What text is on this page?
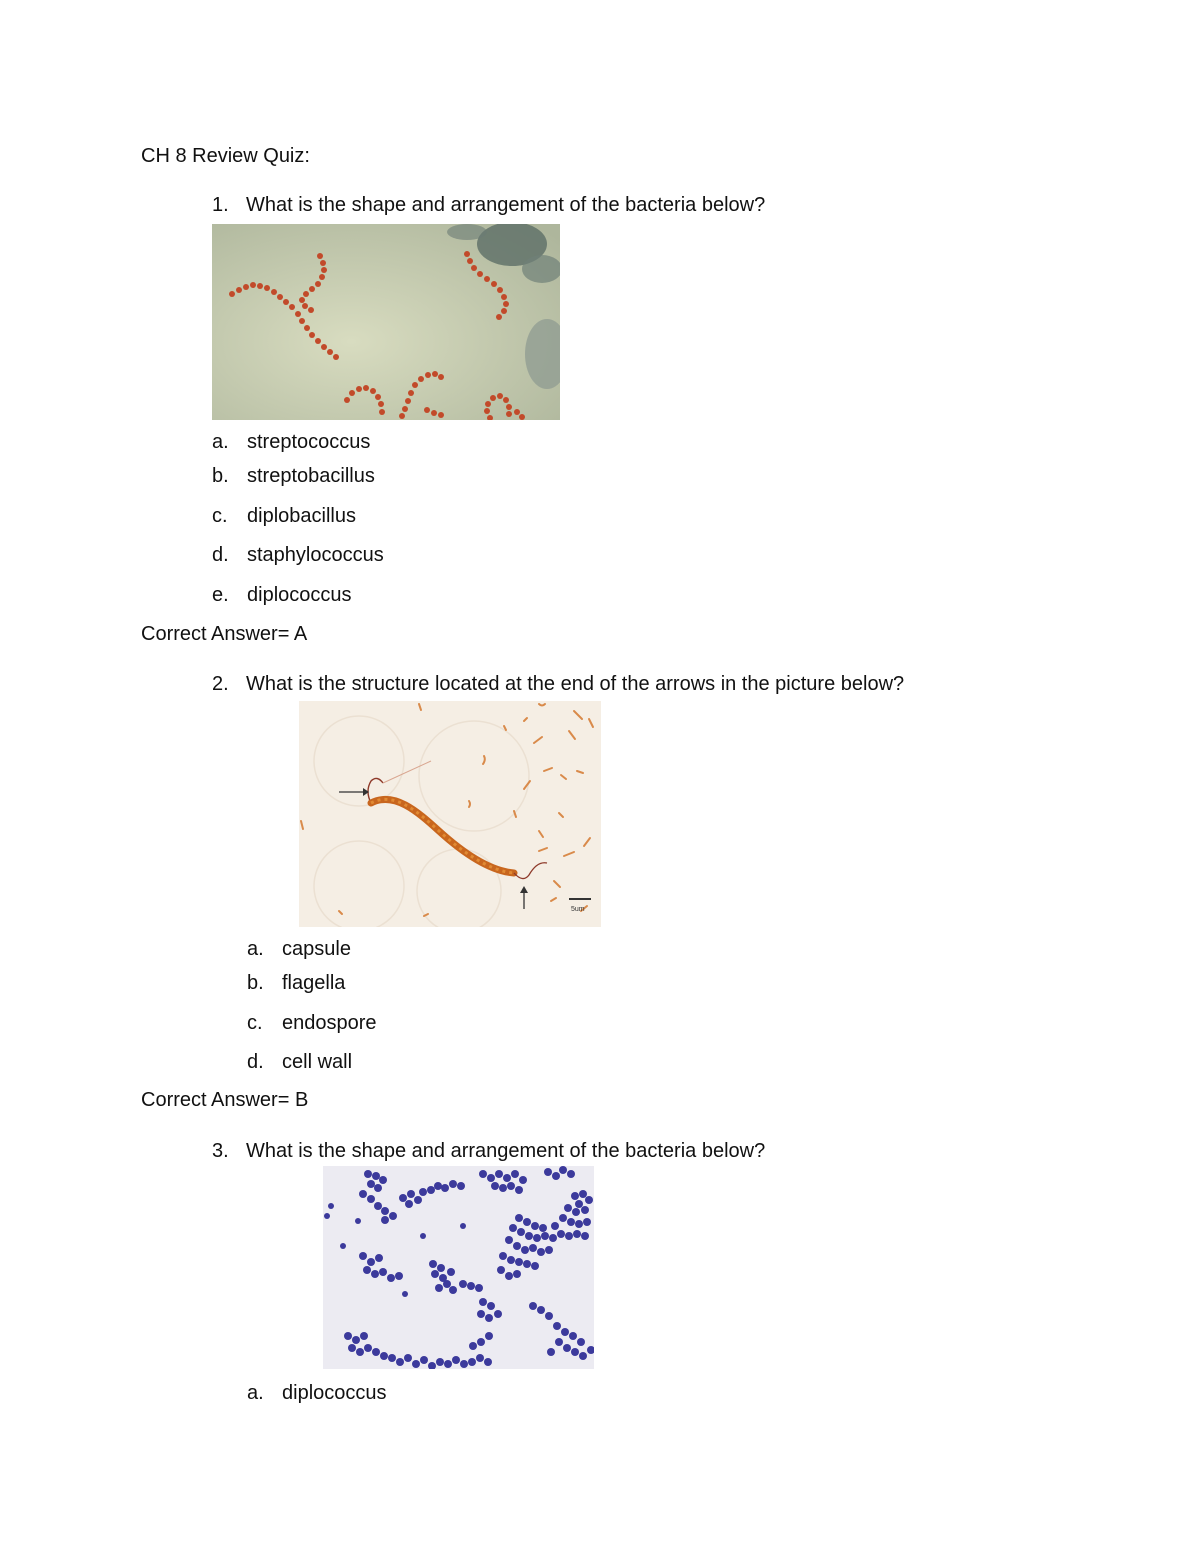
CH 8 Review Quiz:
1. What is the shape and arrangement of the bacteria below?
a. streptococcus
b. streptobacillus
c. diplobacillus
d. staphylococcus
e. diplococcus
Correct Answer= A
2. What is the structure located at the end of the arrows in the picture below?
5um
a. capsule
b. flagella
c. endospore
d. cell wall
Correct Answer= B
3. What is the shape and arrangement of the bacteria below?
a. diplococcus
